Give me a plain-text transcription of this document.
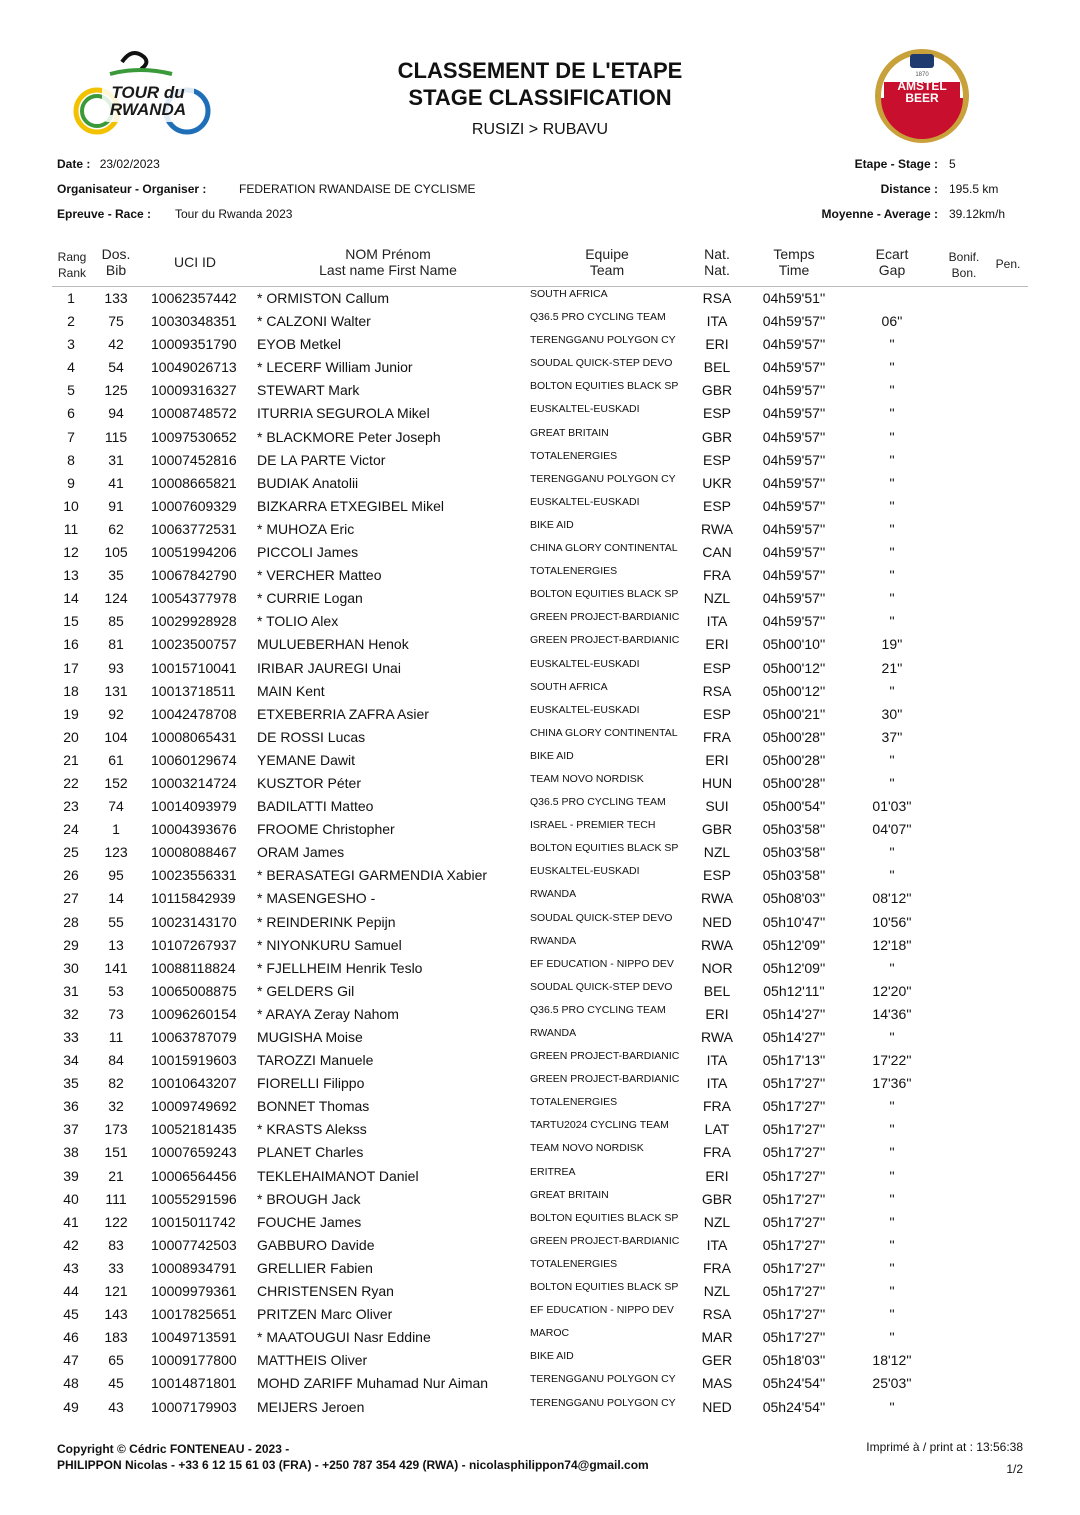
TOUR du RWANDA
1870
AMSTEL BEER
CLASSEMENT DE L'ETAPE
STAGE CLASSIFICATION
RUSIZI > RUBAVU
Date : 23/02/2023
Organisateur - Organiser :	FEDERATION RWANDAISE DE CYCLISME
Epreuve - Race : Tour du Rwanda 2023
Etape - Stage : 5
Distance : 195.5 km
Moyenne - Average : 39.12km/h
Rang
Rank
Dos.
Bib	UCI ID	NOM Prénom
Last name First Name
Equipe
Team
Nat.
Nat.
Temps
Time
Ecart
Gap
Bonif.
Bon.
Pen.
1	133	10062357442 * ORMISTON Callum	SOUTH AFRICA	RSA	04h59'51''
2	75	10030348351 * CALZONI Walter	Q36.5 PRO CYCLING TEAM	ITA	04h59'57''	06''
3	42	10009351790 EYOB Metkel	TERENGGANU POLYGON CY	ERI	04h59'57''	''
4	54	10049026713 * LECERF William Junior	SOUDAL QUICK-STEP DEVO	BEL	04h59'57''	''
5	125	10009316327 STEWART Mark	BOLTON EQUITIES BLACK SP	GBR	04h59'57''	''
6	94	10008748572 ITURRIA SEGUROLA Mikel	EUSKALTEL-EUSKADI	ESP	04h59'57''	''
7	115	10097530652 * BLACKMORE Peter Joseph	GREAT BRITAIN	GBR	04h59'57''	''
8	31	10007452816 DE LA PARTE Victor	TOTALENERGIES	ESP	04h59'57''	''
9	41	10008665821 BUDIAK Anatolii	TERENGGANU POLYGON CY	UKR	04h59'57''	''
10	91	10007609329 BIZKARRA ETXEGIBEL Mikel	EUSKALTEL-EUSKADI	ESP	04h59'57''	''
11	62	10063772531 * MUHOZA Eric	BIKE AID	RWA	04h59'57''	''
12	105	10051994206 PICCOLI James	CHINA GLORY CONTINENTAL	CAN	04h59'57''	''
13	35	10067842790 * VERCHER Matteo	TOTALENERGIES	FRA	04h59'57''	''
14	124	10054377978 * CURRIE Logan	BOLTON EQUITIES BLACK SP	NZL	04h59'57''	''
15	85	10029928928 * TOLIO Alex	GREEN PROJECT-BARDIANIC	ITA	04h59'57''	''
16	81	10023500757 MULUEBERHAN Henok	GREEN PROJECT-BARDIANIC	ERI	05h00'10''	19''
17	93	10015710041 IRIBAR JAUREGI Unai	EUSKALTEL-EUSKADI	ESP	05h00'12''	21''
18	131	10013718511 MAIN Kent	SOUTH AFRICA	RSA	05h00'12''	''
19	92	10042478708 ETXEBERRIA ZAFRA Asier	EUSKALTEL-EUSKADI	ESP	05h00'21''	30''
20	104	10008065431 DE ROSSI Lucas	CHINA GLORY CONTINENTAL	FRA	05h00'28''	37''
21	61	10060129674 YEMANE Dawit	BIKE AID	ERI	05h00'28''	''
22	152	10003214724 KUSZTOR Péter	TEAM NOVO NORDISK	HUN	05h00'28''	''
23	74	10014093979 BADILATTI Matteo	Q36.5 PRO CYCLING TEAM	SUI	05h00'54''	01'03''
24	1	10004393676 FROOME Christopher	ISRAEL - PREMIER TECH	GBR	05h03'58''	04'07''
25	123	10008088467 ORAM James	BOLTON EQUITIES BLACK SP	NZL	05h03'58''	''
26	95	10023556331 * BERASATEGI GARMENDIA Xabier	EUSKALTEL-EUSKADI	ESP	05h03'58''	''
27	14	10115842939 * MASENGESHO -	RWANDA	RWA	05h08'03''	08'12''
28	55	10023143170 * REINDERINK Pepijn	SOUDAL QUICK-STEP DEVO	NED	05h10'47''	10'56''
29	13	10107267937 * NIYONKURU Samuel	RWANDA	RWA	05h12'09''	12'18''
30	141	10088118824 * FJELLHEIM Henrik Teslo	EF EDUCATION - NIPPO DEV	NOR	05h12'09''	''
31	53	10065008875 * GELDERS Gil	SOUDAL QUICK-STEP DEVO	BEL	05h12'11''	12'20''
32	73	10096260154 * ARAYA Zeray Nahom	Q36.5 PRO CYCLING TEAM	ERI	05h14'27''	14'36''
33	11	10063787079 MUGISHA Moise	RWANDA	RWA	05h14'27''	''
34	84	10015919603 TAROZZI Manuele	GREEN PROJECT-BARDIANIC	ITA	05h17'13''	17'22''
35	82	10010643207 FIORELLI Filippo	GREEN PROJECT-BARDIANIC	ITA	05h17'27''	17'36''
36	32	10009749692 BONNET Thomas	TOTALENERGIES	FRA	05h17'27''	''
37	173	10052181435 * KRASTS Alekss	TARTU2024 CYCLING TEAM	LAT	05h17'27''	''
38	151	10007659243 PLANET Charles	TEAM NOVO NORDISK	FRA	05h17'27''	''
39	21	10006564456 TEKLEHAIMANOT Daniel	ERITREA	ERI	05h17'27''	''
40	111	10055291596 * BROUGH Jack	GREAT BRITAIN	GBR	05h17'27''	''
41	122	10015011742 FOUCHE James	BOLTON EQUITIES BLACK SP	NZL	05h17'27''	''
42	83	10007742503 GABBURO Davide	GREEN PROJECT-BARDIANIC	ITA	05h17'27''	''
43	33	10008934791 GRELLIER Fabien	TOTALENERGIES	FRA	05h17'27''	''
44	121	10009979361 CHRISTENSEN Ryan	BOLTON EQUITIES BLACK SP	NZL	05h17'27''	''
45	143	10017825651 PRITZEN Marc Oliver	EF EDUCATION - NIPPO DEV	RSA	05h17'27''	''
46	183	10049713591 * MAATOUGUI Nasr Eddine	MAROC	MAR	05h17'27''	''
47	65	10009177800 MATTHEIS Oliver	BIKE AID	GER	05h18'03''	18'12''
48	45	10014871801 MOHD ZARIFF Muhamad Nur Aiman	TERENGGANU POLYGON CY	MAS	05h24'54''	25'03''
49	43	10007179903 MEIJERS Jeroen	TERENGGANU POLYGON CY	NED	05h24'54''	''
Copyright © Cédric FONTENEAU - 2023 -
PHILIPPON Nicolas - +33 6 12 15 61 03 (FRA) - +250 787 354 429 (RWA) - nicolasphilippon74@gmail.com
Imprimé à / print at : 13:56:38
1/2
